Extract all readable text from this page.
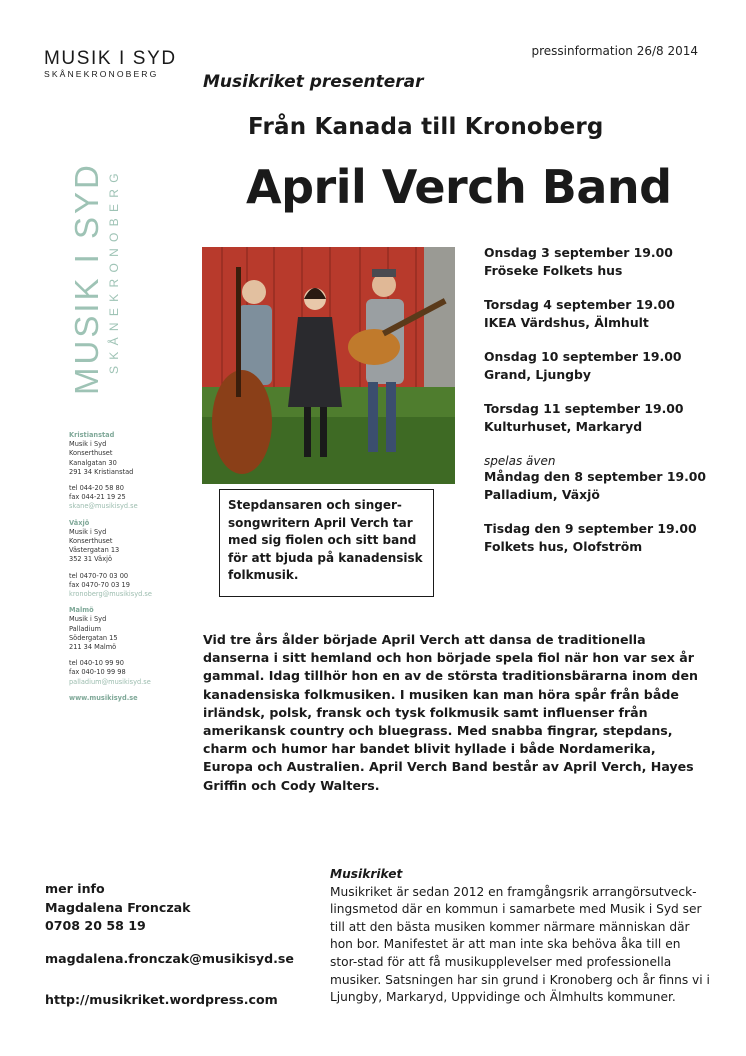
MUSIK I SYD
SKÅNEKRONOBERG
pressinformation 26/8 2014
Musikriket presenterar
Från Kanada till Kronoberg
April Verch Band
MUSIK I SYD SKÅNEKRONOBERG
Kristianstad
Musik i Syd
Konserthuset
Kanalgatan 30
291 34 Kristianstad
tel 044-20 58 80
fax 044-21 19 25
skane@musikisyd.se
Växjö
Musik i Syd
Konserthuset
Västergatan 13
352 31 Växjö
tel 0470-70 03 00
fax 0470-70 03 19
kronoberg@musikisyd.se
Malmö
Musik i Syd
Palladium
Södergatan 15
211 34 Malmö
tel 040-10 99 90
fax 040-10 99 98
palladium@musikisyd.se
www.musikisyd.se
Onsdag 3 september 19.00
Fröseke Folkets hus
Torsdag 4 september 19.00
IKEA Värdshus, Älmhult
Onsdag 10 september 19.00
Grand, Ljungby
Torsdag 11 september 19.00
Kulturhuset, Markaryd
spelas även
Måndag den 8 september 19.00
Palladium, Växjö
Tisdag den 9 september 19.00
Folkets hus, Olofström
Stepdansaren och singer-songwritern April Verch tar med sig fiolen och sitt band för att bjuda på kanadensisk folkmusik.
Vid tre års ålder började April Verch att dansa de traditionella danserna i sitt hemland och hon började spela fiol när hon var sex år gammal. Idag tillhör hon en av de största traditionsbärarna inom den kanadensiska folkmusiken. I musiken kan man höra spår från både irländsk, polsk, fransk och tysk folkmusik samt influenser från amerikansk country och bluegrass. Med snabba fingrar, stepdans, charm och humor har bandet blivit hyllade i både Nordamerika, Europa och Australien. April Verch Band består av April Verch, Hayes Griffin och Cody Walters.
mer info
Magdalena Fronczak
0708 20 58 19
magdalena.fronczak@musikisyd.se
http://musikriket.wordpress.com
Musikriket
Musikriket är sedan 2012 en framgångsrik arrangörsutveck-lingsmetod där en kommun i samarbete med Musik i Syd ser till att den bästa musiken kommer närmare människan där hon bor. Manifestet är att man inte ska behöva åka till en stor-stad för att få musikupplevelser med professionella musiker. Satsningen har sin grund i Kronoberg och år finns vi i Ljungby, Markaryd, Uppvidinge och Älmhults kommuner.
